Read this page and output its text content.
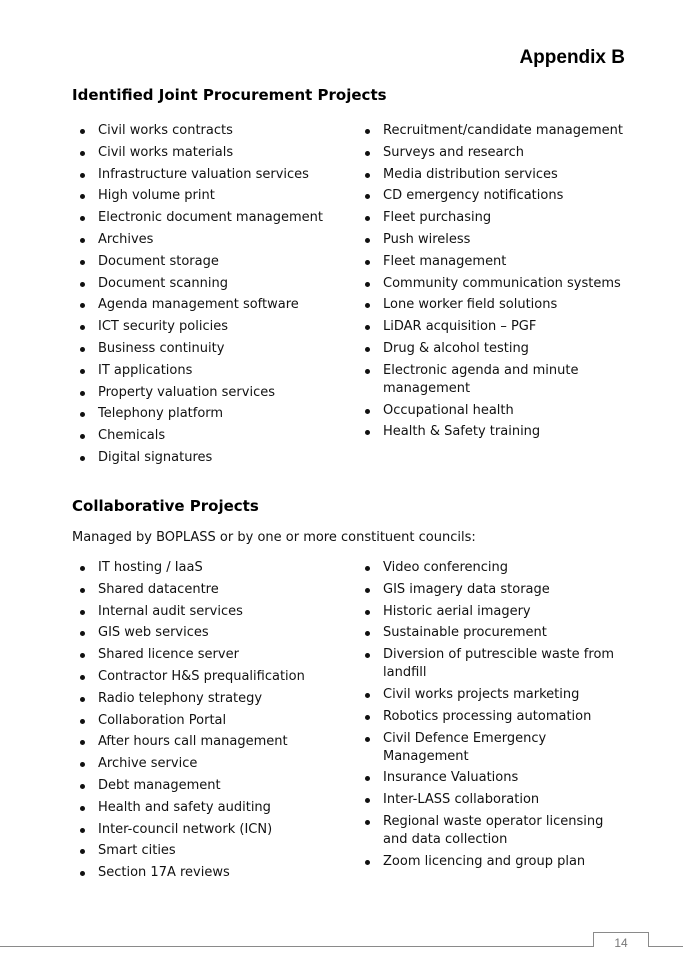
Appendix B
Identified Joint Procurement Projects
Civil works contracts
Civil works materials
Infrastructure valuation services
High volume print
Electronic document management
Archives
Document storage
Document scanning
Agenda management software
ICT security policies
Business continuity
IT applications
Property valuation services
Telephony platform
Chemicals
Digital signatures
Recruitment/candidate management
Surveys and research
Media distribution services
CD emergency notifications
Fleet purchasing
Push wireless
Fleet management
Community communication systems
Lone worker field solutions
LiDAR acquisition – PGF
Drug & alcohol testing
Electronic agenda and minute management
Occupational health
Health & Safety training
Collaborative Projects
Managed by BOPLASS or by one or more constituent councils:
IT hosting / IaaS
Shared datacentre
Internal audit services
GIS web services
Shared licence server
Contractor H&S prequalification
Radio telephony strategy
Collaboration Portal
After hours call management
Archive service
Debt management
Health and safety auditing
Inter-council network (ICN)
Smart cities
Section 17A reviews
Video conferencing
GIS imagery data storage
Historic aerial imagery
Sustainable procurement
Diversion of putrescible waste from landfill
Civil works projects marketing
Robotics processing automation
Civil Defence Emergency Management
Insurance Valuations
Inter-LASS collaboration
Regional waste operator licensing and data collection
Zoom licencing and group plan
14
